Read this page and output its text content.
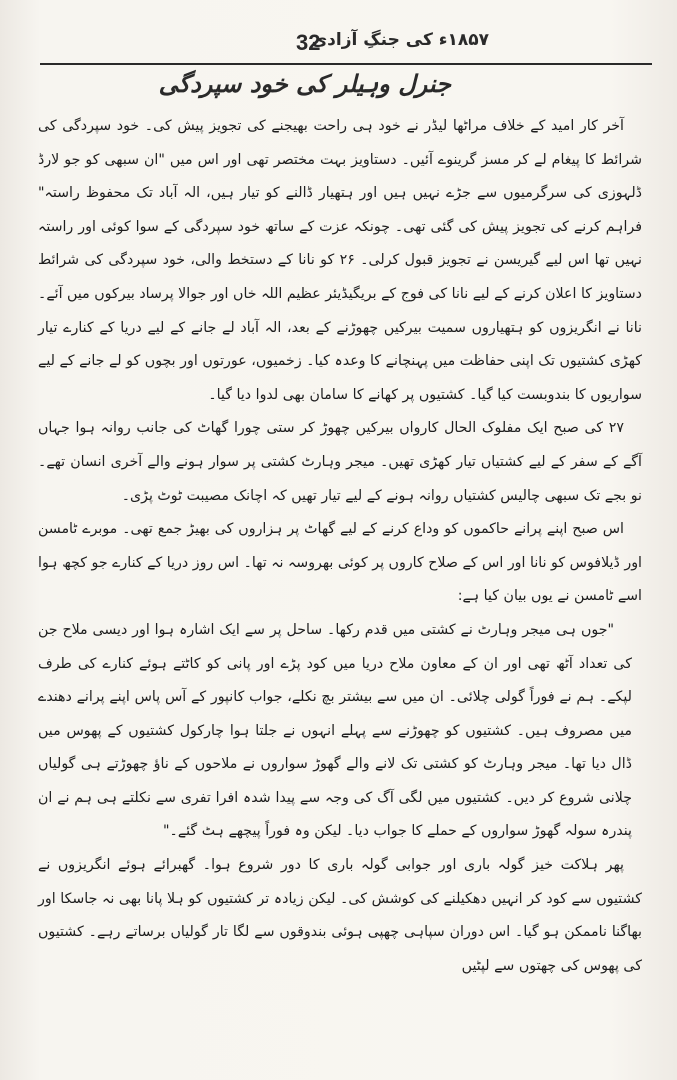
32
۱۸۵۷ء کی جنگِ آزادی
جنرل وہیلر کی خود سپردگی

آخر کار امید کے خلاف مراٹھا لیڈر نے خود ہی راحت بھیجنے کی تجویز پیش کی۔ خود سپردگی کی شرائط کا پیغام لے کر مسز گرینوے آئیں۔ دستاویز بہت مختصر تھی اور اس میں "ان سبھی کو جو لارڈ ڈلہوزی کی سرگرمیوں سے جڑے نہیں ہیں اور ہتھیار ڈالنے کو تیار ہیں، الہ آباد تک محفوظ راستہ" فراہم کرنے کی تجویز پیش کی گئی تھی۔ چونکہ عزت کے ساتھ خود سپردگی کے سوا کوئی اور راستہ نہیں تھا اس لیے گیریسن نے تجویز قبول کرلی۔ ۲۶ کو نانا کے دستخط والی، خود سپردگی کی شرائط دستاویز کا اعلان کرنے کے لیے نانا کی فوج کے بریگیڈیئر عظیم اللہ خاں اور جوالا پرساد بیرکوں میں آئے۔ نانا نے انگریزوں کو ہتھیاروں سمیت بیرکیں چھوڑنے کے بعد، الہ آباد لے جانے کے لیے دریا کے کنارے تیار کھڑی کشتیوں تک اپنی حفاظت میں پہنچانے کا وعدہ کیا۔ زخمیوں، عورتوں اور بچوں کو لے جانے کے لیے سواریوں کا بندوبست کیا گیا۔ کشتیوں پر کھانے کا سامان بھی لدوا دیا گیا۔

۲۷ کی صبح ایک مفلوک الحال کارواں بیرکیں چھوڑ کر ستی چورا گھاٹ کی جانب روانہ ہوا جہاں آگے کے سفر کے لیے کشتیاں تیار کھڑی تھیں۔ میجر وہارٹ کشتی پر سوار ہونے والے آخری انسان تھے۔ نو بجے تک سبھی چالیس کشتیاں روانہ ہونے کے لیے تیار تھیں کہ اچانک مصیبت ٹوٹ پڑی۔

اس صبح اپنے پرانے حاکموں کو وداع کرنے کے لیے گھاٹ پر ہزاروں کی بھیڑ جمع تھی۔ موبرے ٹامسن اور ڈیلافوس کو نانا اور اس کے صلاح کاروں پر کوئی بھروسہ نہ تھا۔ اس روز دریا کے کنارے جو کچھ ہوا اسے ٹامسن نے یوں بیان کیا ہے:

"جوں ہی میجر وہارٹ نے کشتی میں قدم رکھا۔ ساحل پر سے ایک اشارہ ہوا اور دیسی ملاح جن کی تعداد آٹھ تھی اور ان کے معاون ملاح دریا میں کود پڑے اور پانی کو کاٹتے ہوئے کنارے کی طرف لپکے۔ ہم نے فوراً گولی چلائی۔ ان میں سے بیشتر بچ نکلے، جواب کانپور کے آس پاس اپنے پرانے دھندے میں مصروف ہیں۔ کشتیوں کو چھوڑنے سے پہلے انہوں نے جلتا ہوا چارکول کشتیوں کے پھوس میں ڈال دیا تھا۔ میجر وہارٹ کو کشتی تک لانے والے گھوڑ سواروں نے ملاحوں کے ناؤ چھوڑتے ہی گولیاں چلانی شروع کر دیں۔ کشتیوں میں لگی آگ کی وجہ سے پیدا شدہ افرا تفری سے نکلتے ہی ہم نے ان پندرہ سولہ گھوڑ سواروں کے حملے کا جواب دیا۔ لیکن وہ فوراً پیچھے ہٹ گئے۔"

پھر ہلاکت خیز گولہ باری اور جوابی گولہ باری کا دور شروع ہوا۔ گھبرائے ہوئے انگریزوں نے کشتیوں سے کود کر انہیں دھکیلنے کی کوشش کی۔ لیکن زیادہ تر کشتیوں کو ہلا پانا بھی نہ جاسکا اور بھاگنا ناممکن ہو گیا۔ اس دوران سپاہی چھپی ہوئی بندوقوں سے لگا تار گولیاں برساتے رہے۔ کشتیوں کی پھوس کی چھتوں سے لپٹیں
